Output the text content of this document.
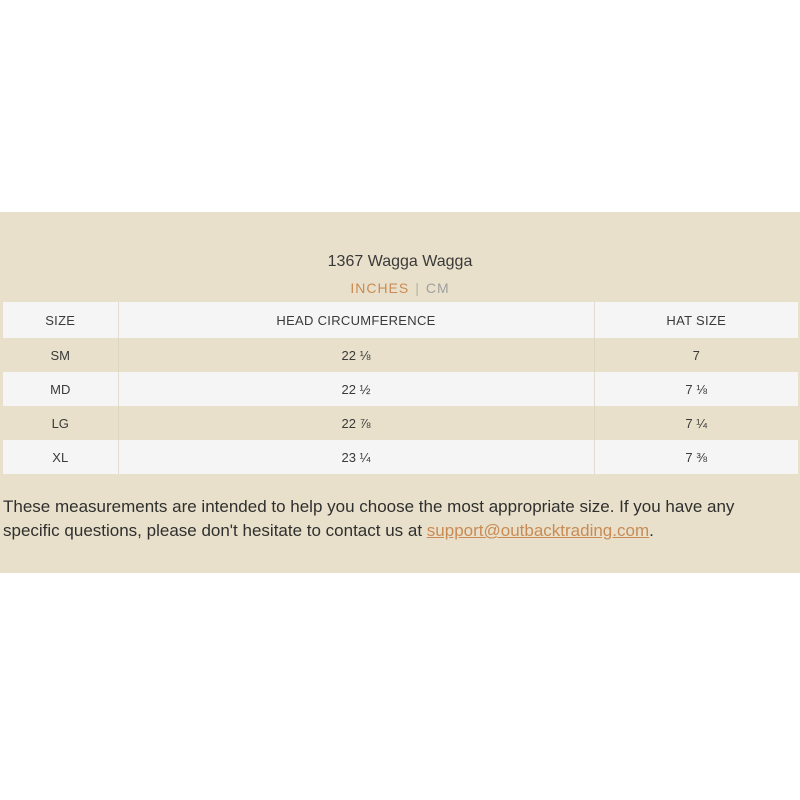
1367 Wagga Wagga
INCHES | CM
SIZE	HEAD CIRCUMFERENCE	HAT SIZE
SM	22 ⅛	7
MD	22 ½	7 ⅛
LG	22 ⅞	7 ¼
XL	23 ¼	7 ⅜
These measurements are intended to help you choose the most appropriate size. If you have any specific questions, please don't hesitate to contact us at support@outbacktrading.com.
